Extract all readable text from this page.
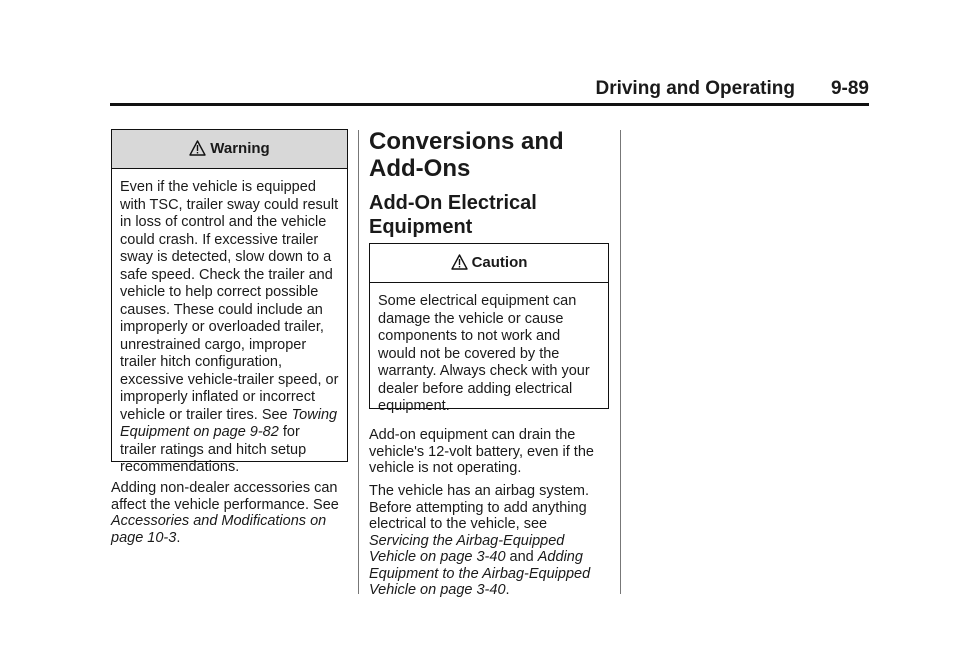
Driving and Operating 9-89
Warning
Even if the vehicle is equipped with TSC, trailer sway could result in loss of control and the vehicle could crash. If excessive trailer sway is detected, slow down to a safe speed. Check the trailer and vehicle to help correct possible causes. These could include an improperly or overloaded trailer, unrestrained cargo, improper trailer hitch configuration, excessive vehicle-trailer speed, or improperly inflated or incorrect vehicle or trailer tires. See Towing Equipment on page 9-82 for trailer ratings and hitch setup recommendations.
Adding non-dealer accessories can affect the vehicle performance. See Accessories and Modifications on page 10-3.
Conversions and
Add-Ons
Add-On Electrical
Equipment
Caution
Some electrical equipment can damage the vehicle or cause components to not work and would not be covered by the warranty. Always check with your dealer before adding electrical equipment.
Add-on equipment can drain the vehicle's 12-volt battery, even if the vehicle is not operating.
The vehicle has an airbag system. Before attempting to add anything electrical to the vehicle, see Servicing the Airbag-Equipped Vehicle on page 3-40 and Adding Equipment to the Airbag-Equipped Vehicle on page 3-40.
